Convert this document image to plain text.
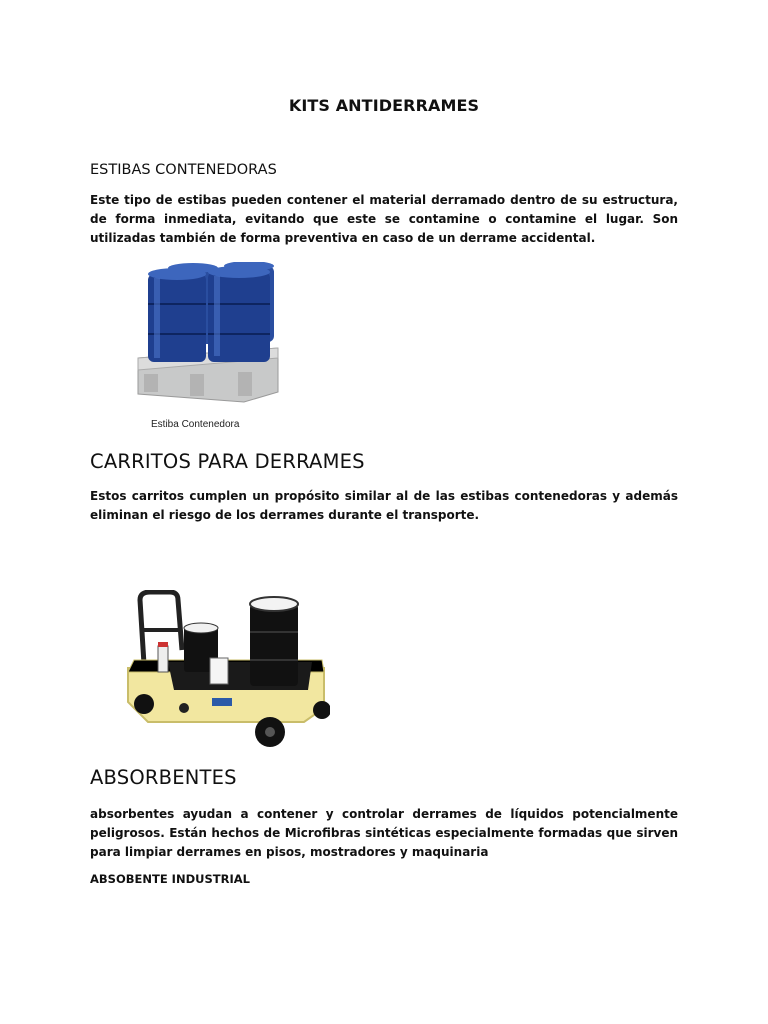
KITS ANTIDERRAMES
ESTIBAS CONTENEDORAS
Este tipo de estibas pueden contener el material derramado dentro de su estructura, de forma inmediata, evitando que este se contamine o contamine el lugar. Son utilizadas también de forma preventiva en caso de un derrame accidental.
Estiba Contenedora
CARRITOS PARA DERRAMES
Estos carritos cumplen un propósito similar al de las estibas contenedoras y además eliminan el riesgo de los derrames durante el transporte.
ABSORBENTES
absorbentes ayudan a contener y controlar derrames de líquidos potencialmente peligrosos. Están hechos de Microfibras sintéticas especialmente formadas que sirven para limpiar derrames en pisos, mostradores y maquinaria
ABSOBENTE INDUSTRIAL
